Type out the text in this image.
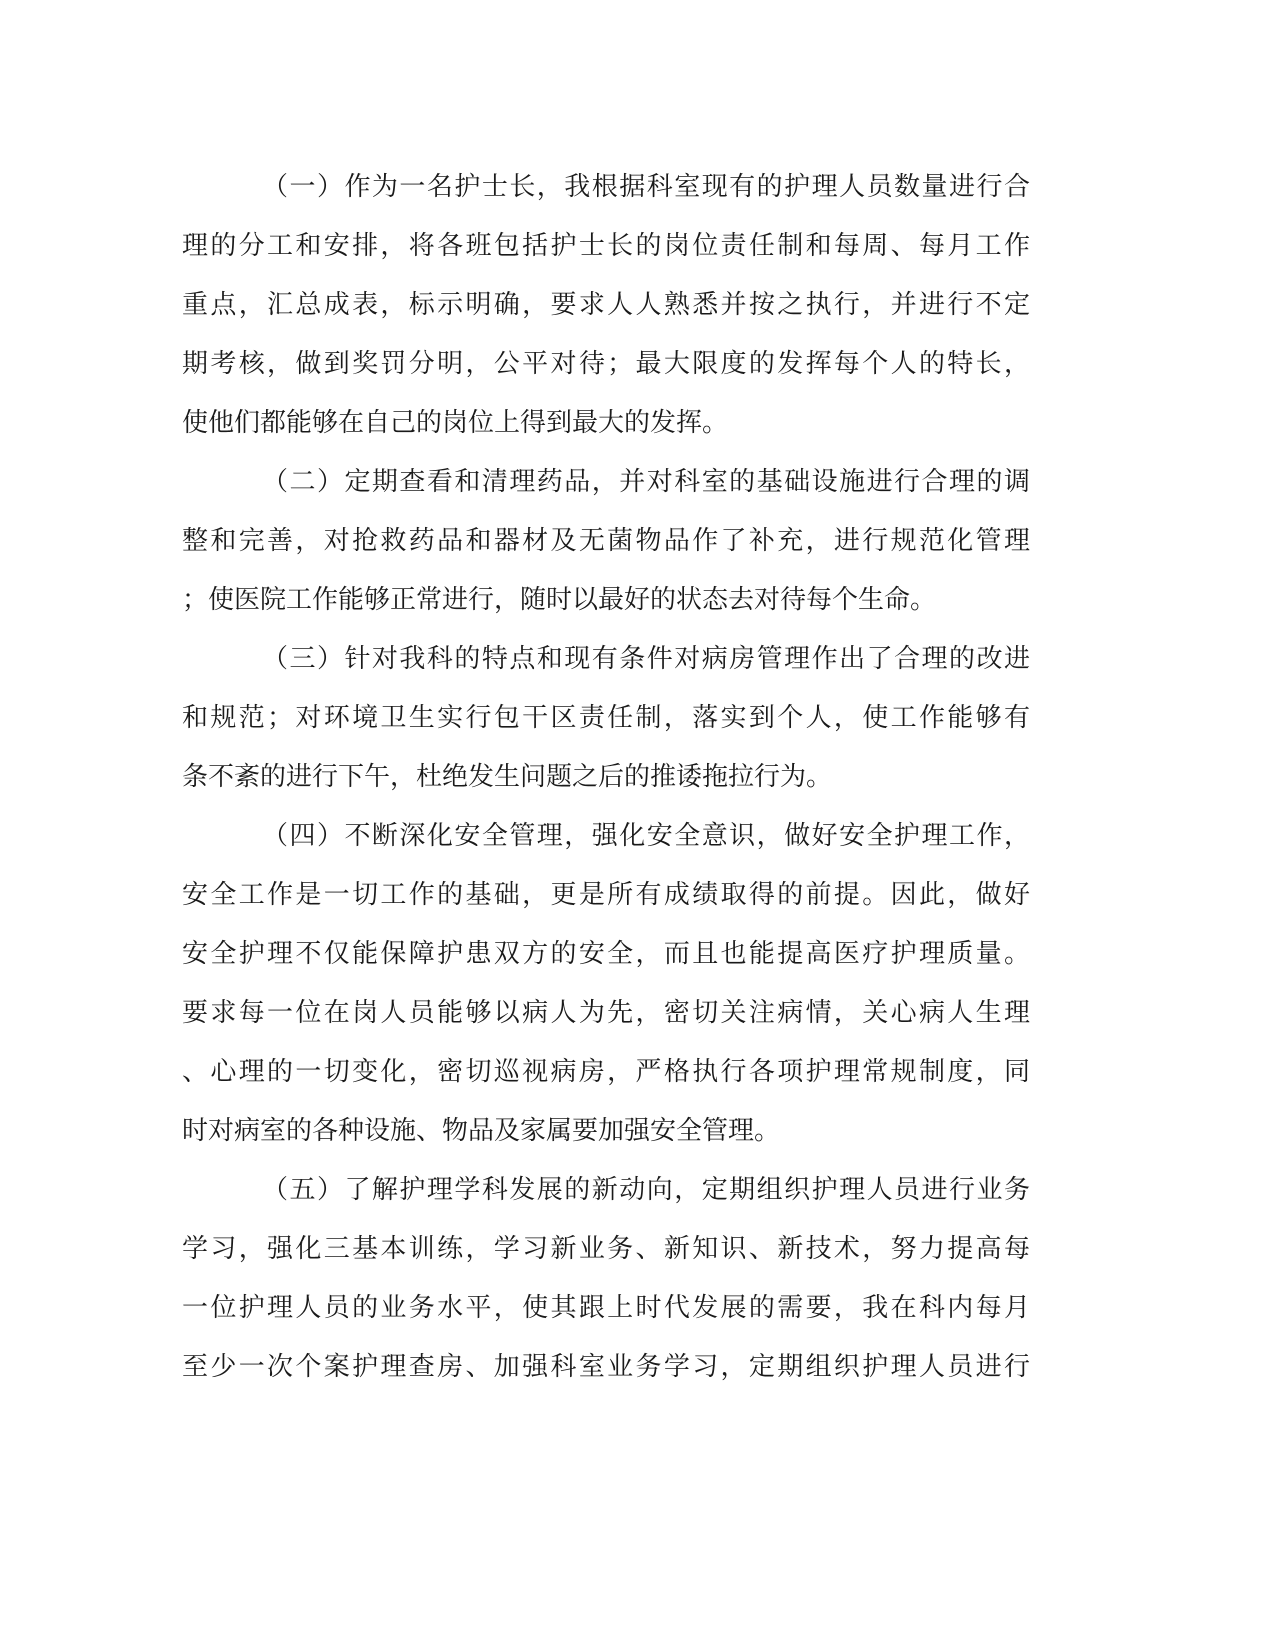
（一）作为一名护士长，我根据科室现有的护理人员数量进行合
理的分工和安排，将各班包括护士长的岗位责任制和每周、每月工作
重点，汇总成表，标示明确，要求人人熟悉并按之执行，并进行不定
期考核，做到奖罚分明，公平对待；最大限度的发挥每个人的特长，
使他们都能够在自己的岗位上得到最大的发挥。
（二）定期查看和清理药品，并对科室的基础设施进行合理的调
整和完善，对抢救药品和器材及无菌物品作了补充，进行规范化管理
；使医院工作能够正常进行，随时以最好的状态去对待每个生命。
（三）针对我科的特点和现有条件对病房管理作出了合理的改进
和规范；对环境卫生实行包干区责任制，落实到个人，使工作能够有
条不紊的进行下午，杜绝发生问题之后的推诿拖拉行为。
（四）不断深化安全管理，强化安全意识，做好安全护理工作，
安全工作是一切工作的基础，更是所有成绩取得的前提。因此，做好
安全护理不仅能保障护患双方的安全，而且也能提高医疗护理质量。
要求每一位在岗人员能够以病人为先，密切关注病情，关心病人生理
、心理的一切变化，密切巡视病房，严格执行各项护理常规制度，同
时对病室的各种设施、物品及家属要加强安全管理。
（五）了解护理学科发展的新动向，定期组织护理人员进行业务
学习，强化三基本训练，学习新业务、新知识、新技术，努力提高每
一位护理人员的业务水平，使其跟上时代发展的需要，我在科内每月
至少一次个案护理查房、加强科室业务学习，定期组织护理人员进行
